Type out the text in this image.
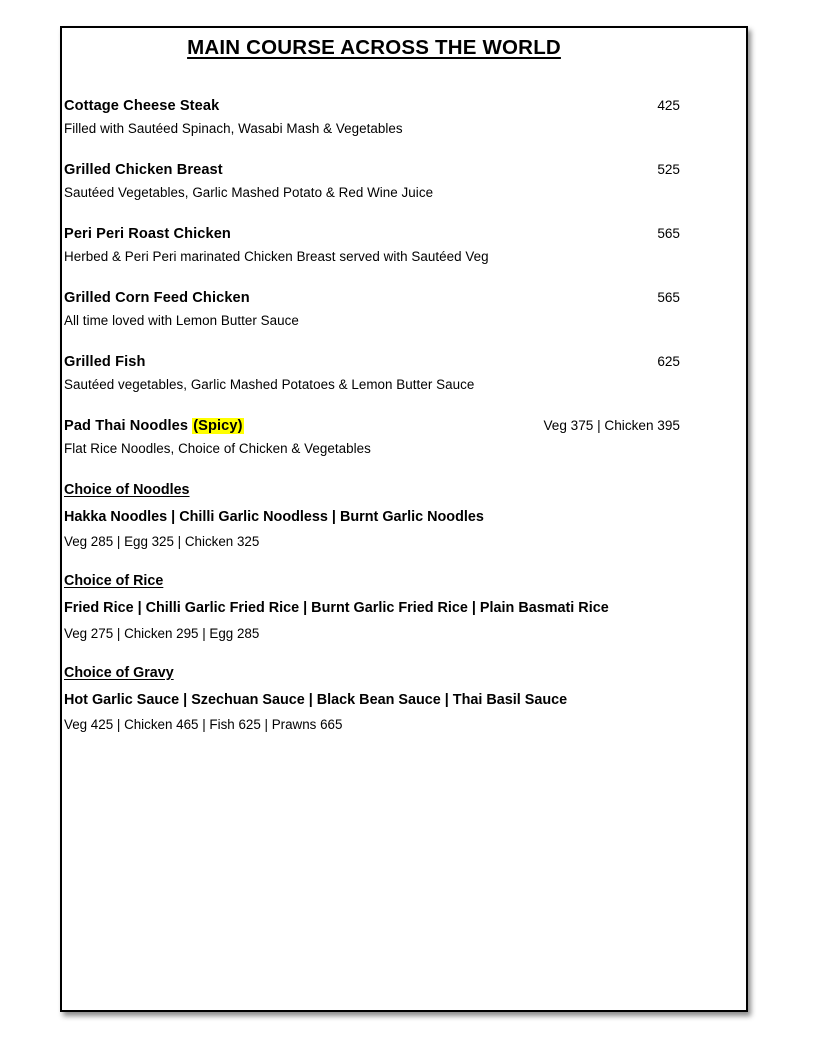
MAIN COURSE ACROSS THE WORLD
Cottage Cheese Steak	425
Filled with Sautéed Spinach, Wasabi Mash & Vegetables
Grilled Chicken Breast	525
Sautéed Vegetables, Garlic Mashed Potato & Red Wine Juice
Peri Peri Roast Chicken	565
Herbed & Peri Peri marinated Chicken Breast served with Sautéed Veg
Grilled Corn Feed Chicken	565
All time loved with Lemon Butter Sauce
Grilled Fish	625
Sautéed vegetables, Garlic Mashed Potatoes & Lemon Butter Sauce
Pad Thai Noodles (Spicy)	Veg 375 | Chicken 395
Flat Rice Noodles, Choice of Chicken & Vegetables
Choice of Noodles
Hakka Noodles | Chilli Garlic Noodless | Burnt Garlic Noodles
Veg 285 | Egg 325 | Chicken 325
Choice of Rice
Fried Rice | Chilli Garlic Fried Rice | Burnt Garlic Fried Rice | Plain Basmati Rice
Veg 275 | Chicken 295 | Egg 285
Choice of Gravy
Hot Garlic Sauce | Szechuan Sauce | Black Bean Sauce | Thai Basil Sauce
Veg 425 | Chicken 465 | Fish 625 | Prawns 665
